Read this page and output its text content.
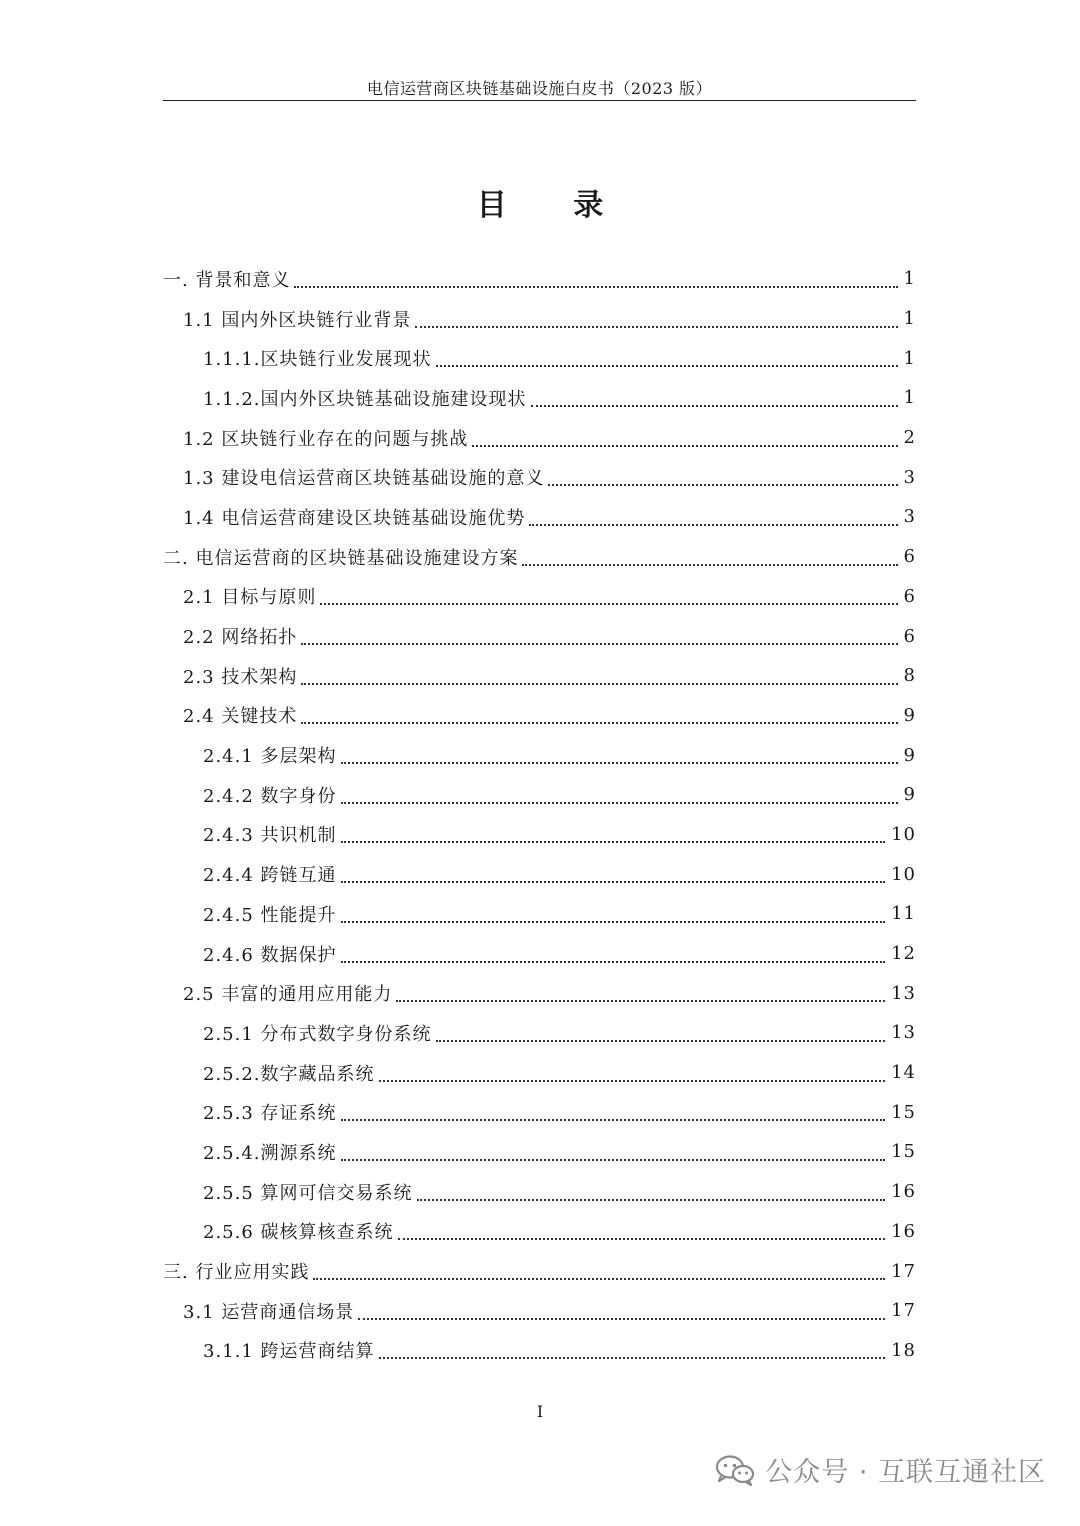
电信运营商区块链基础设施白皮书（2023 版）
目 录
一. 背景和意义	1
1.1 国内外区块链行业背景	1
1.1.1.区块链行业发展现状	1
1.1.2.国内外区块链基础设施建设现状	1
1.2 区块链行业存在的问题与挑战	2
1.3 建设电信运营商区块链基础设施的意义	3
1.4 电信运营商建设区块链基础设施优势	3
二. 电信运营商的区块链基础设施建设方案	6
2.1 目标与原则	6
2.2 网络拓扑	6
2.3 技术架构	8
2.4 关键技术	9
2.4.1 多层架构	9
2.4.2 数字身份	9
2.4.3 共识机制	10
2.4.4 跨链互通	10
2.4.5 性能提升	11
2.4.6 数据保护	12
2.5 丰富的通用应用能力	13
2.5.1 分布式数字身份系统	13
2.5.2.数字藏品系统	14
2.5.3 存证系统	15
2.5.4.溯源系统	15
2.5.5 算网可信交易系统	16
2.5.6 碳核算核查系统	16
三. 行业应用实践	17
3.1 运营商通信场景	17
3.1.1 跨运营商结算	18
I
公众号 · 互联互通社区
